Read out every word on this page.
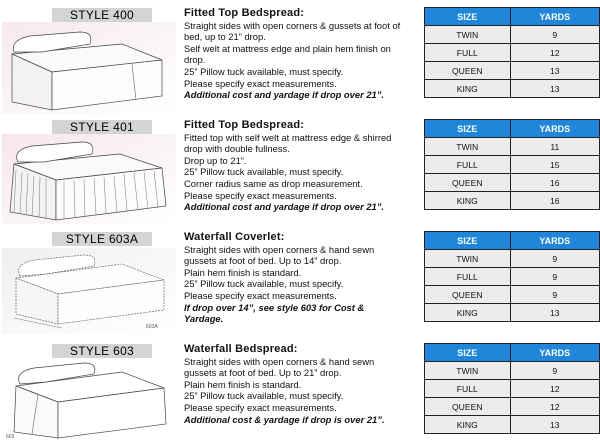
STYLE 400	Fitted Top Bedspread:
Straight sides with open corners & gussets at foot of
bed, up to 21” drop.
Self welt at mattress edge and plain hem finish on
drop.
25” Pillow tuck available, must specify.
Please specify exact measurements.
Additional cost and yardage if drop over 21”.
SIZE	YARDS
TWIN	9
FULL	12
QUEEN	13
KING	13
STYLE 401	Fitted Top Bedspread:
Fitted top with self welt at mattress edge & shirred
drop with double fullness.
Drop up to 21”.
25” Pillow tuck available, must specify.
Corner radius same as drop measurement.
Please specify exact measurements.
Additional cost and yardage if drop over 21”.
SIZE	YARDS
TWIN	11
FULL	15
QUEEN	16
KING	16
STYLE 603A
603A
Waterfall Coverlet:
Straight sides with open corners & hand sewn
gussets at foot of bed. Up to 14” drop.
Plain hem finish is standard.
25” Pillow tuck available, must specify.
Please specify exact measurements.
If drop over 14”, see style 603 for Cost &
Yardage.
SIZE	YARDS
TWIN	9
FULL	9
QUEEN	9
KING	13
STYLE 603
603
Waterfall Bedspread:
Straight sides with open corners & hand sewn
gussets at foot of bed. Up to 21” drop.
Plain hem finish is standard.
25” Pillow tuck available, must specify.
Please specify exact measurements.
Additional cost & yardage if drop is over 21”.
SIZE	YARDS
TWIN	9
FULL	12
QUEEN	12
KING	13
